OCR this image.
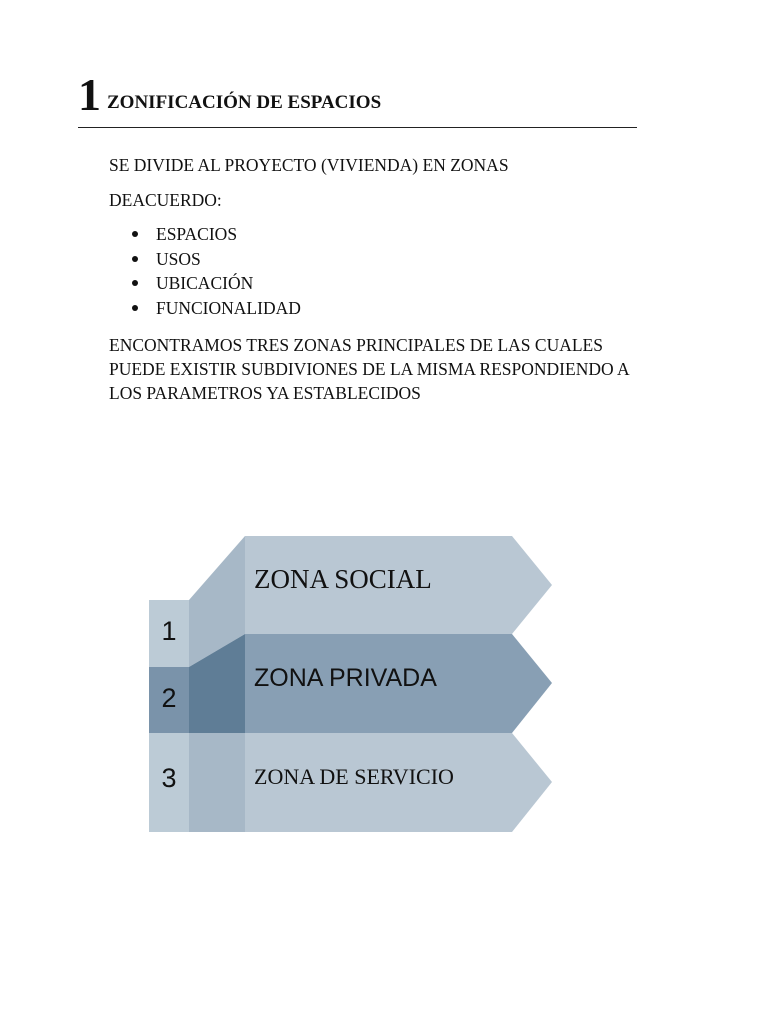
1 ZONIFICACIÓN DE ESPACIOS
SE DIVIDE AL PROYECTO (VIVIENDA) EN ZONAS
DEACUERDO:
ESPACIOS
USOS
UBICACIÓN
FUNCIONALIDAD
ENCONTRAMOS TRES ZONAS PRINCIPALES DE LAS CUALES PUEDE EXISTIR SUBDIVIONES DE LA MISMA RESPONDIENDO A LOS PARAMETROS YA ESTABLECIDOS
1
2
3
ZONA SOCIAL
ZONA PRIVADA
ZONA DE SERVICIO
